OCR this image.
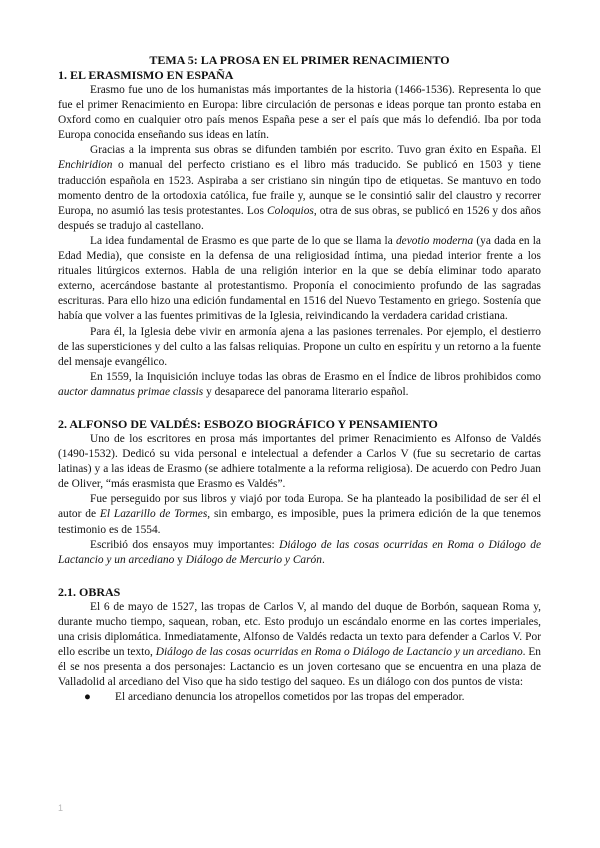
TEMA 5: LA PROSA EN EL PRIMER RENACIMIENTO

1. EL ERASMISMO EN ESPAÑA

Erasmo fue uno de los humanistas más importantes de la historia (1466-1536). Representa lo que fue el primer Renacimiento en Europa: libre circulación de personas e ideas porque tan pronto estaba en Oxford como en cualquier otro país menos España pese a ser el país que más lo defendió. Iba por toda Europa conocida enseñando sus ideas en latín.

Gracias a la imprenta sus obras se difunden también por escrito. Tuvo gran éxito en España. El Enchiridion o manual del perfecto cristiano es el libro más traducido. Se publicó en 1503 y tiene traducción española en 1523. Aspiraba a ser cristiano sin ningún tipo de etiquetas. Se mantuvo en todo momento dentro de la ortodoxia católica, fue fraile y, aunque se le consintió salir del claustro y recorrer Europa, no asumió las tesis protestantes. Los Coloquios, otra de sus obras, se publicó en 1526 y dos años después se tradujo al castellano.

La idea fundamental de Erasmo es que parte de lo que se llama la devotio moderna (ya dada en la Edad Media), que consiste en la defensa de una religiosidad íntima, una piedad interior frente a los rituales litúrgicos externos. Habla de una religión interior en la que se debía eliminar todo aparato externo, acercándose bastante al protestantismo. Proponía el conocimiento profundo de las sagradas escrituras. Para ello hizo una edición fundamental en 1516 del Nuevo Testamento en griego. Sostenía que había que volver a las fuentes primitivas de la Iglesia, reivindicando la verdadera caridad cristiana.

Para él, la Iglesia debe vivir en armonía ajena a las pasiones terrenales. Por ejemplo, el destierro de las supersticiones y del culto a las falsas reliquias. Propone un culto en espíritu y un retorno a la fuente del mensaje evangélico.

En 1559, la Inquisición incluye todas las obras de Erasmo en el Índice de libros prohibidos como auctor damnatus primae classis y desaparece del panorama literario español.

2. ALFONSO DE VALDÉS: ESBOZO BIOGRÁFICO Y PENSAMIENTO

Uno de los escritores en prosa más importantes del primer Renacimiento es Alfonso de Valdés (1490-1532). Dedicó su vida personal e intelectual a defender a Carlos V (fue su secretario de cartas latinas) y a las ideas de Erasmo (se adhiere totalmente a la reforma religiosa). De acuerdo con Pedro Juan de Oliver, “más erasmista que Erasmo es Valdés”.

Fue perseguido por sus libros y viajó por toda Europa. Se ha planteado la posibilidad de ser él el autor de El Lazarillo de Tormes, sin embargo, es imposible, pues la primera edición de la que tenemos testimonio es de 1554.

Escribió dos ensayos muy importantes: Diálogo de las cosas ocurridas en Roma o Diálogo de Lactancio y un arcediano y Diálogo de Mercurio y Carón.

2.1. OBRAS

El 6 de mayo de 1527, las tropas de Carlos V, al mando del duque de Borbón, saquean Roma y, durante mucho tiempo, saquean, roban, etc. Esto produjo un escándalo enorme en las cortes imperiales, una crisis diplomática. Inmediatamente, Alfonso de Valdés redacta un texto para defender a Carlos V. Por ello escribe un texto, Diálogo de las cosas ocurridas en Roma o Diálogo de Lactancio y un arcediano. En él se nos presenta a dos personajes: Lactancio es un joven cortesano que se encuentra en una plaza de Valladolid al arcediano del Viso que ha sido testigo del saqueo. Es un diálogo con dos puntos de vista:

● El arcediano denuncia los atropellos cometidos por las tropas del emperador.
1
